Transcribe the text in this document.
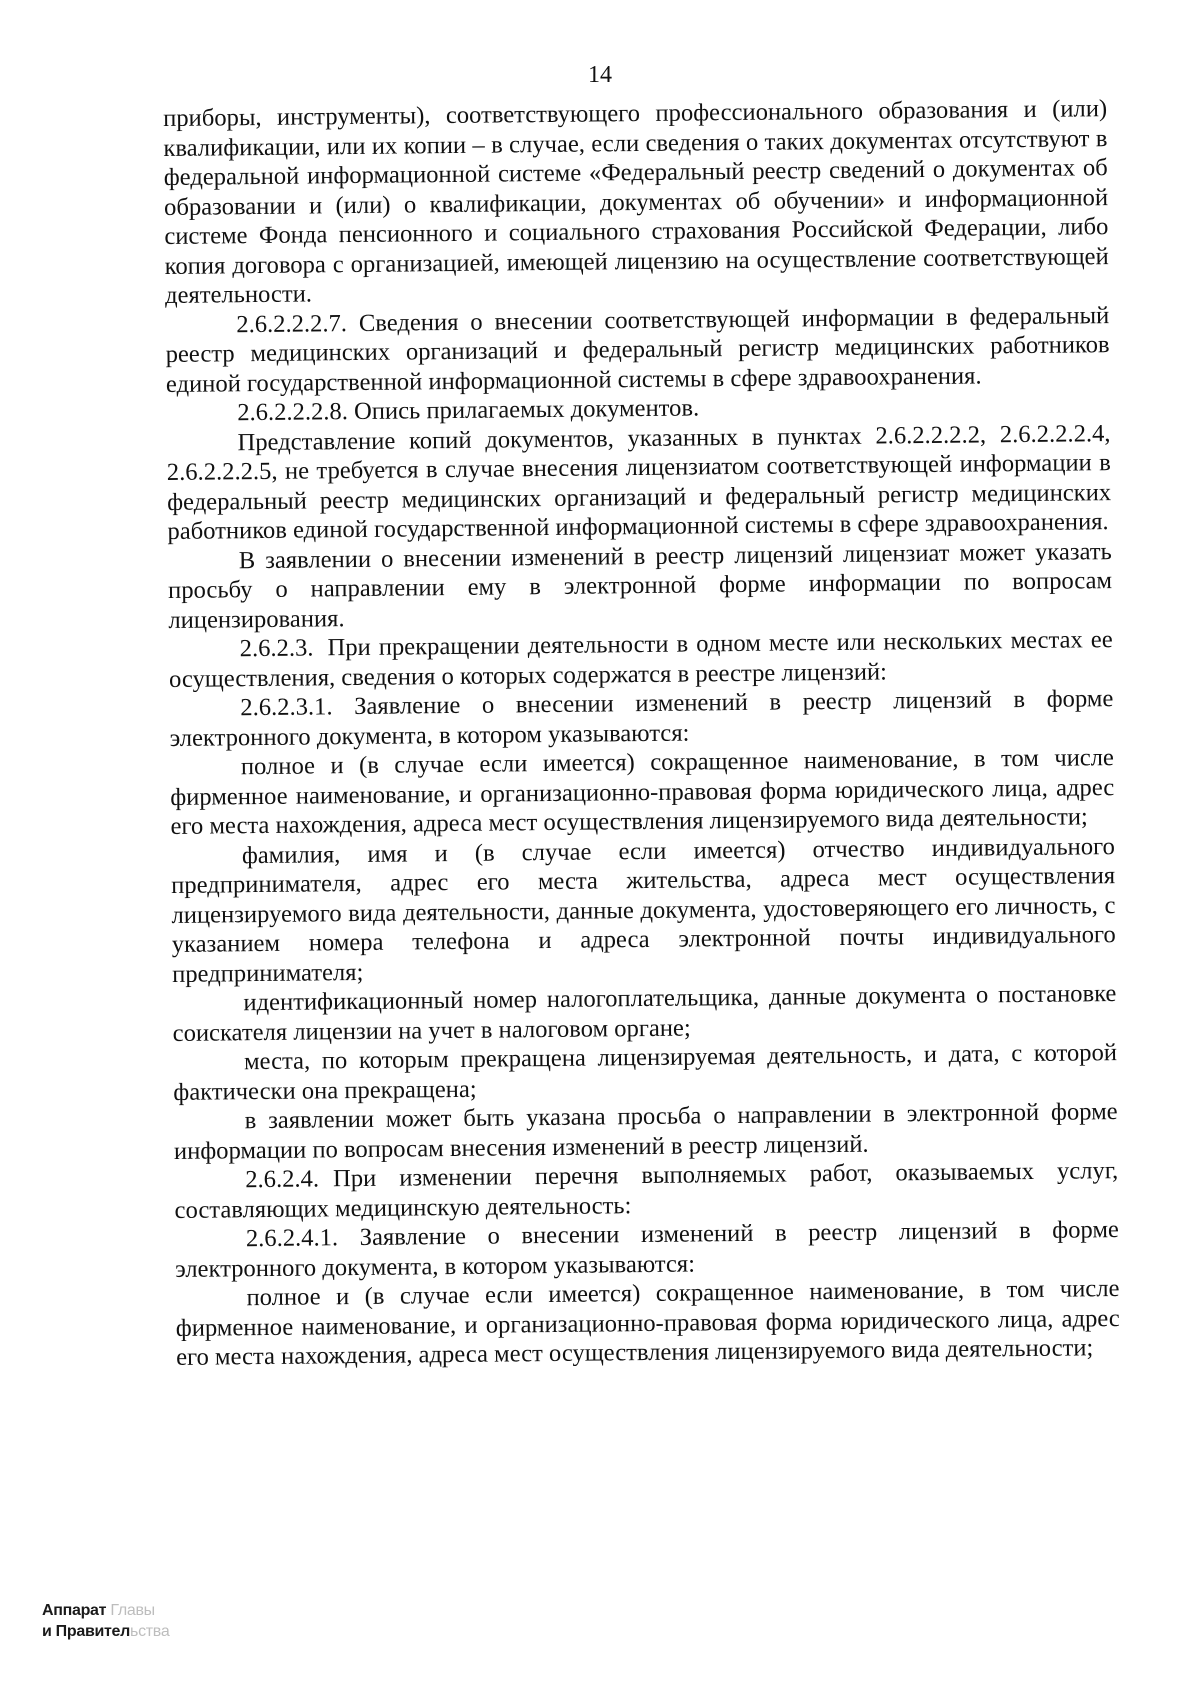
14

приборы, инструменты), соответствующего профессионального образования и (или) квалификации, или их копии – в случае, если сведения о таких документах отсутствуют в федеральной информационной системе «Федеральный реестр сведений о документах об образовании и (или) о квалификации, документах об обучении» и информационной системе Фонда пенсионного и социального страхования Российской Федерации, либо копия договора с организацией, имеющей лицензию на осуществление соответствующей деятельности.

2.6.2.2.2.7. Сведения о внесении соответствующей информации в федеральный реестр медицинских организаций и федеральный регистр медицинских работников единой государственной информационной системы в сфере здравоохранения.

2.6.2.2.2.8. Опись прилагаемых документов.

Представление копий документов, указанных в пунктах 2.6.2.2.2.2, 2.6.2.2.2.4, 2.6.2.2.2.5, не требуется в случае внесения лицензиатом соответствующей информации в федеральный реестр медицинских организаций и федеральный регистр медицинских работников единой государственной информационной системы в сфере здравоохранения.

В заявлении о внесении изменений в реестр лицензий лицензиат может указать просьбу о направлении ему в электронной форме информации по вопросам лицензирования.

2.6.2.3. При прекращении деятельности в одном месте или нескольких местах ее осуществления, сведения о которых содержатся в реестре лицензий:

2.6.2.3.1. Заявление о внесении изменений в реестр лицензий в форме электронного документа, в котором указываются:

полное и (в случае если имеется) сокращенное наименование, в том числе фирменное наименование, и организационно-правовая форма юридического лица, адрес его места нахождения, адреса мест осуществления лицензируемого вида деятельности;

фамилия, имя и (в случае если имеется) отчество индивидуального предпринимателя, адрес его места жительства, адреса мест осуществления лицензируемого вида деятельности, данные документа, удостоверяющего его личность, с указанием номера телефона и адреса электронной почты индивидуального предпринимателя;

идентификационный номер налогоплательщика, данные документа о постановке соискателя лицензии на учет в налоговом органе;

места, по которым прекращена лицензируемая деятельность, и дата, с которой фактически она прекращена;

в заявлении может быть указана просьба о направлении в электронной форме информации по вопросам внесения изменений в реестр лицензий.

2.6.2.4. При изменении перечня выполняемых работ, оказываемых услуг, составляющих медицинскую деятельность:

2.6.2.4.1. Заявление о внесении изменений в реестр лицензий в форме электронного документа, в котором указываются:

полное и (в случае если имеется) сокращенное наименование, в том числе фирменное наименование, и организационно-правовая форма юридического лица, адрес его места нахождения, адреса мест осуществления лицензируемого вида деятельности;

Аппарат Главы
и Правительства
